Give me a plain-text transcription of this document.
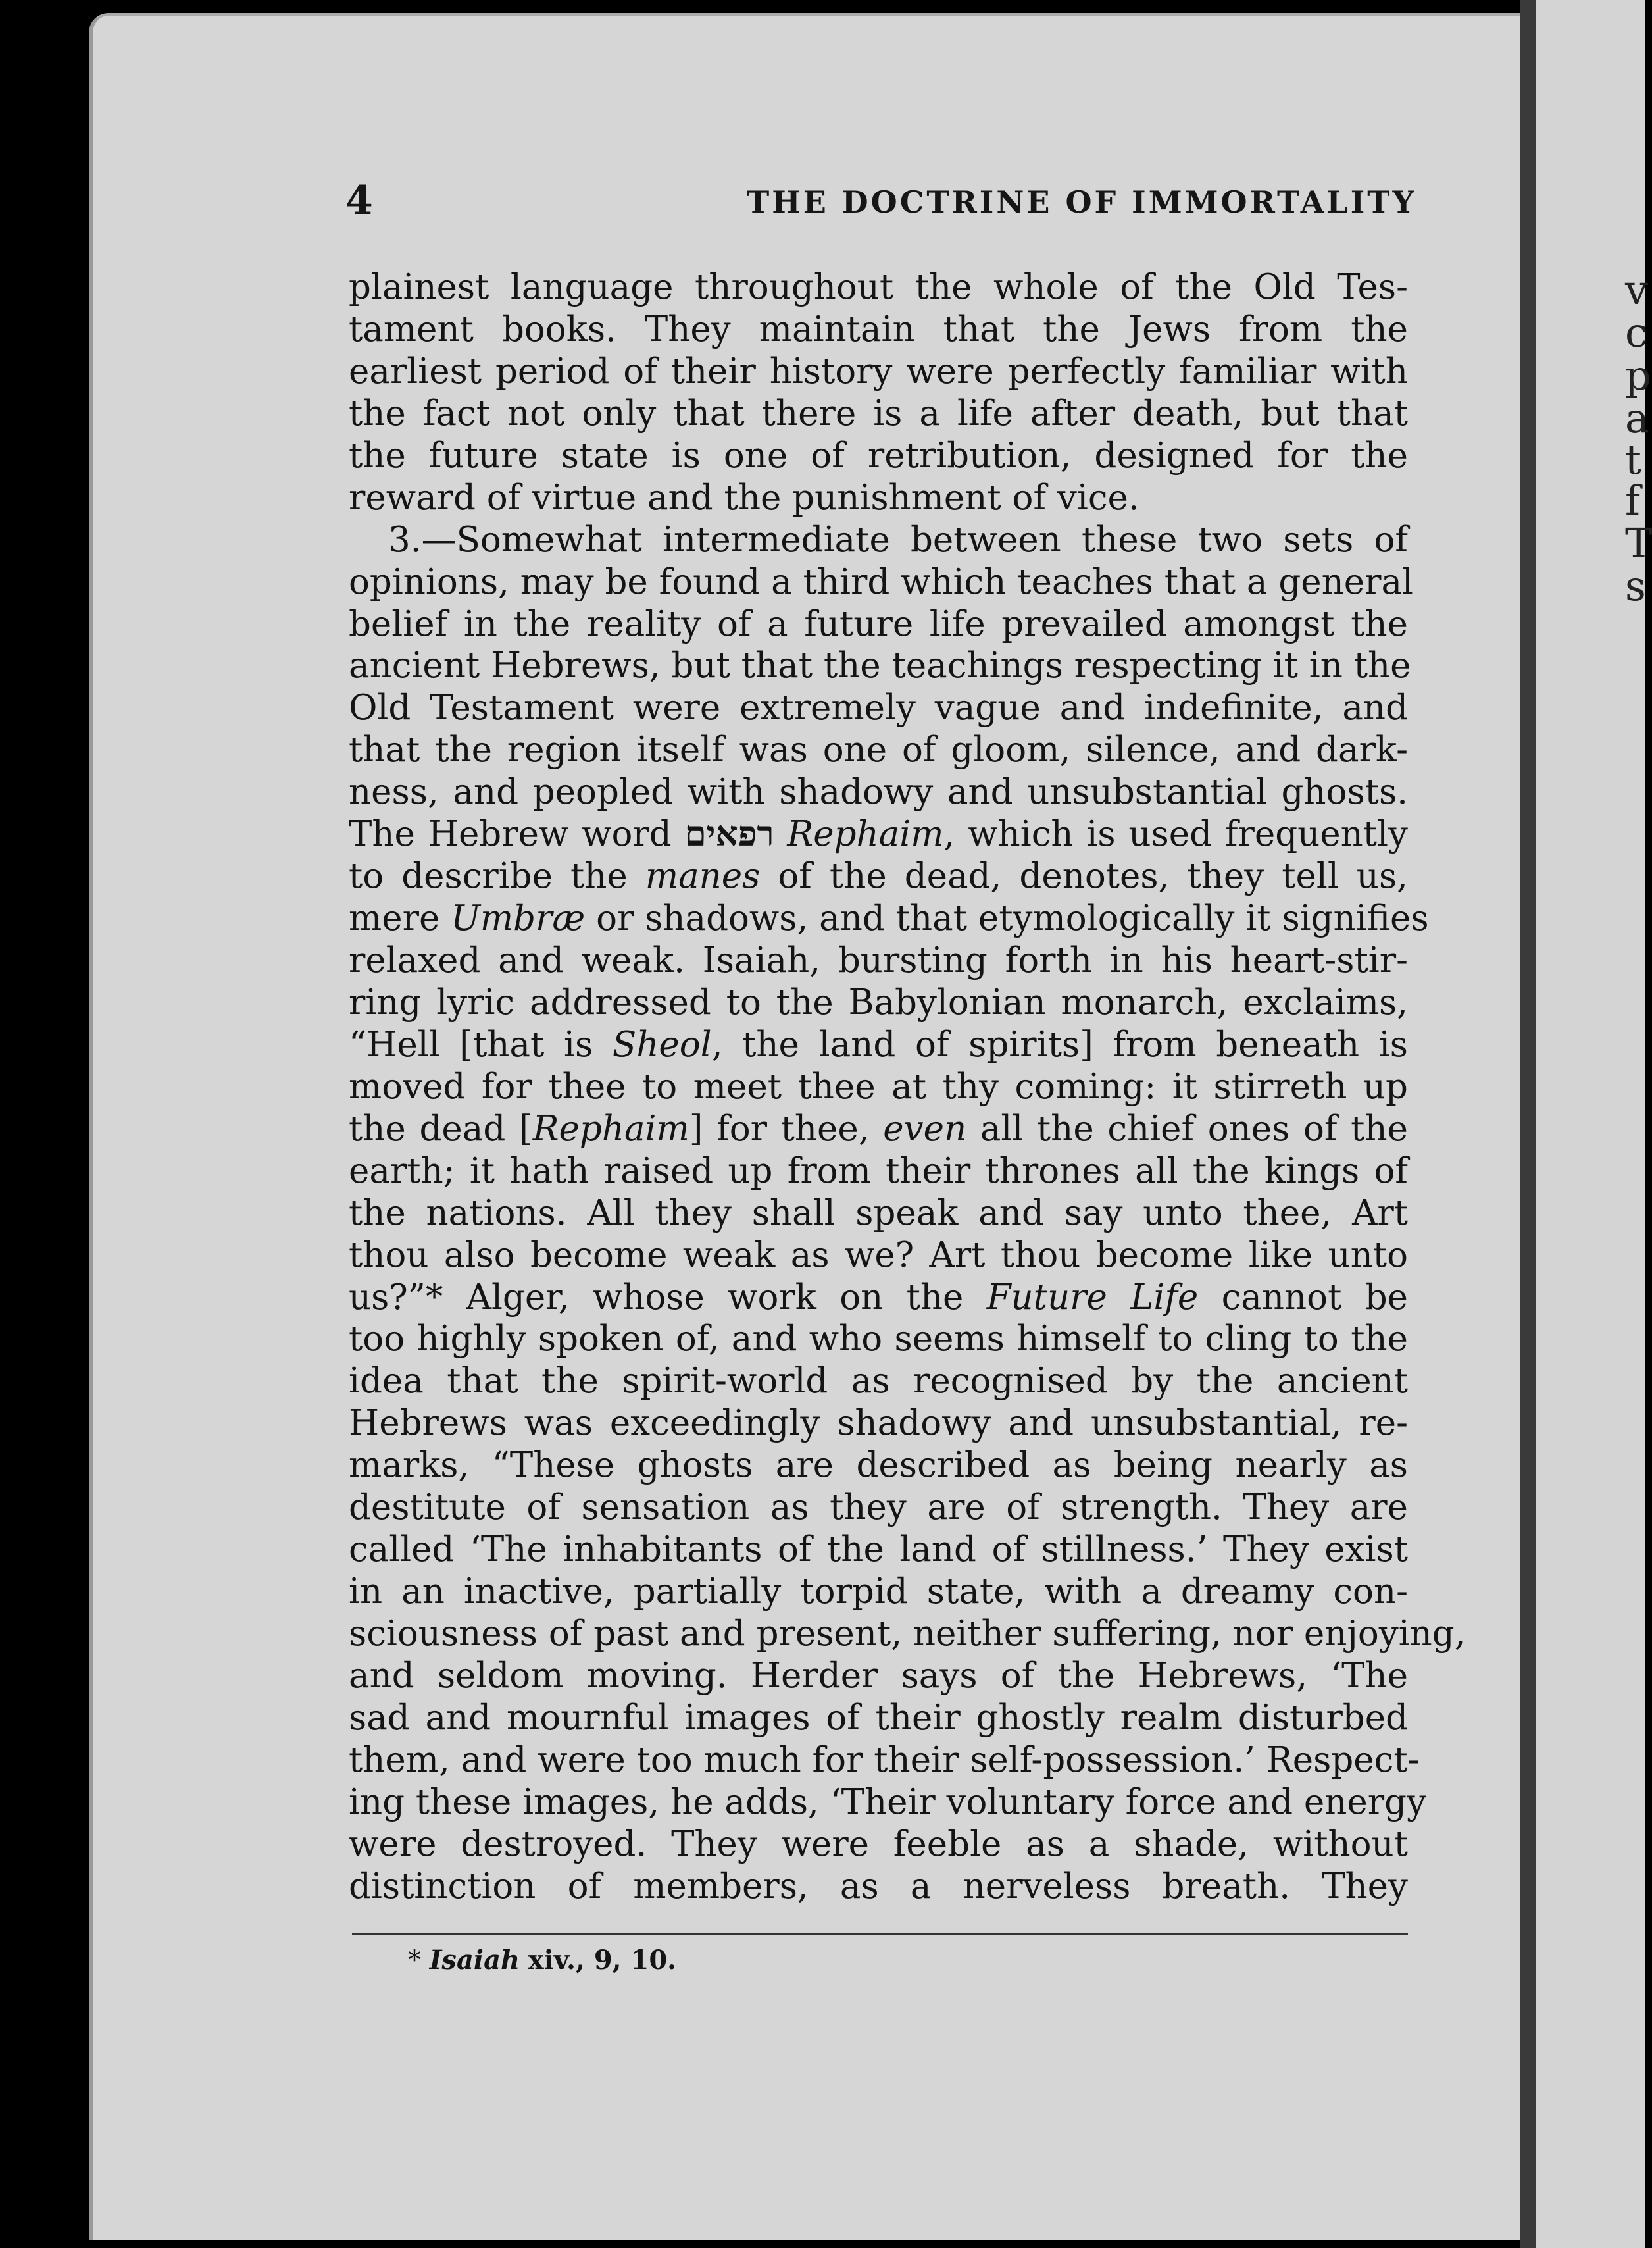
v
c
p
a
t
f
T
s
4	THE DOCTRINE OF IMMORTALITY
plainest language throughout the whole of the Old Tes-
tament books. They maintain that the Jews from the
earliest period of their history were perfectly familiar with
the fact not only that there is a life after death, but that
the future state is one of retribution, designed for the
reward of virtue and the punishment of vice.
3.—Somewhat intermediate between these two sets of
opinions, may be found a third which teaches that a general
belief in the reality of a future life prevailed amongst the
ancient Hebrews, but that the teachings respecting it in the
Old Testament were extremely vague and indefinite, and
that the region itself was one of gloom, silence, and dark-
ness, and peopled with shadowy and unsubstantial ghosts.
The Hebrew word רפאים Rephaim, which is used frequently
to describe the manes of the dead, denotes, they tell us,
mere Umbræ or shadows, and that etymologically it signifies
relaxed and weak. Isaiah, bursting forth in his heart-stir-
ring lyric addressed to the Babylonian monarch, exclaims,
“Hell [that is Sheol, the land of spirits] from beneath is
moved for thee to meet thee at thy coming: it stirreth up
the dead [Rephaim] for thee, even all the chief ones of the
earth; it hath raised up from their thrones all the kings of
the nations. All they shall speak and say unto thee, Art
thou also become weak as we? Art thou become like unto
us?”* Alger, whose work on the Future Life cannot be
too highly spoken of, and who seems himself to cling to the
idea that the spirit-world as recognised by the ancient
Hebrews was exceedingly shadowy and unsubstantial, re-
marks, “These ghosts are described as being nearly as
destitute of sensation as they are of strength. They are
called ‘The inhabitants of the land of stillness.’ They exist
in an inactive, partially torpid state, with a dreamy con-
sciousness of past and present, neither suffering, nor enjoying,
and seldom moving. Herder says of the Hebrews, ‘The
sad and mournful images of their ghostly realm disturbed
them, and were too much for their self-possession.’ Respect-
ing these images, he adds, ‘Their voluntary force and energy
were destroyed. They were feeble as a shade, without
distinction of members, as a nerveless breath. They
* Isaiah xiv., 9, 10.
